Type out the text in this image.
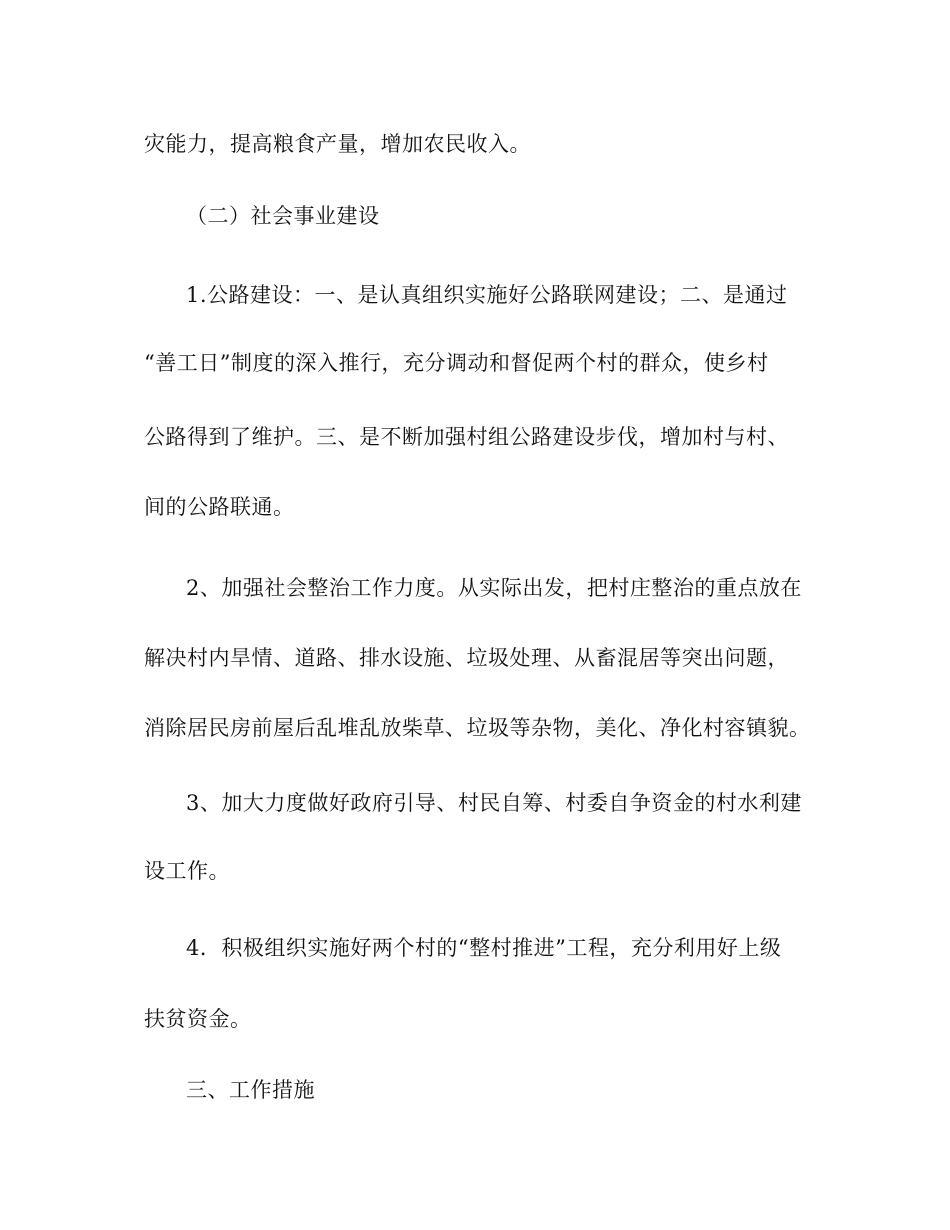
灾能力，提高粮食产量，增加农民收入。
（二）社会事业建设
1.公路建设：一、是认真组织实施好公路联网建设；二、是通过
“善工日”制度的深入推行，充分调动和督促两个村的群众，使乡村
公路得到了维护。三、是不断加强村组公路建设步伐，增加村与村、
间的公路联通。
2、加强社会整治工作力度。从实际出发，把村庄整治的重点放在
解决村内旱情、道路、排水设施、垃圾处理、从畜混居等突出问题，
消除居民房前屋后乱堆乱放柴草、垃圾等杂物，美化、净化村容镇貌。
3、加大力度做好政府引导、村民自筹、村委自争资金的村水利建
设工作。
4．积极组织实施好两个村的“整村推进”工程，充分利用好上级
扶贫资金。
三、工作措施
